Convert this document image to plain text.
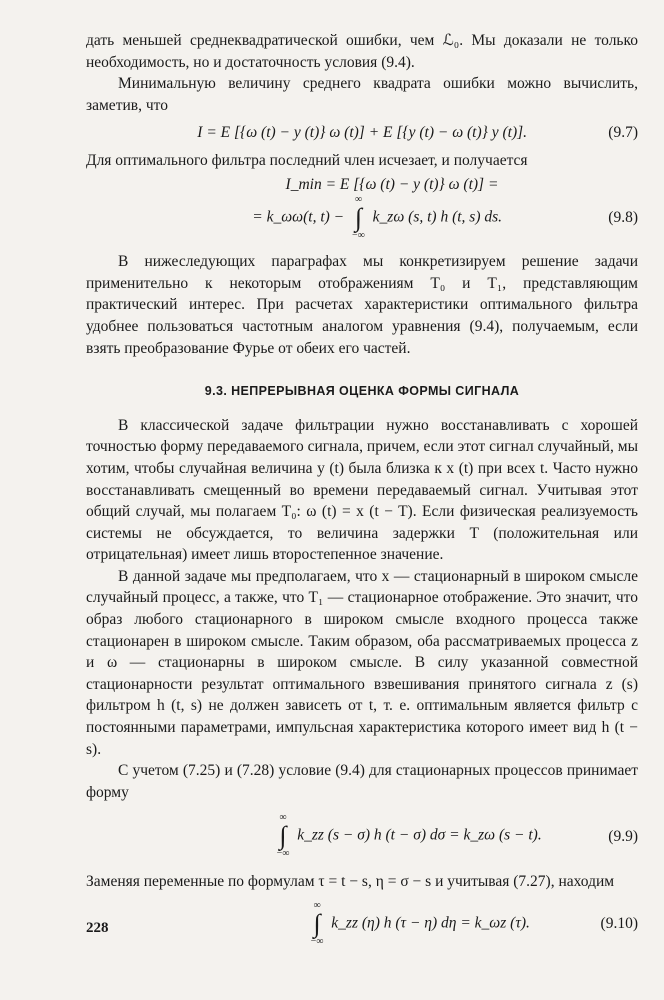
дать меньшей среднеквадратической ошибки, чем ℒ₀. Мы доказали не только необходимость, но и достаточность условия (9.4).

Минимальную величину среднего квадрата ошибки можно вычислить, заметив, что

I = E [{ω (t) − y (t)} ω (t)] + E [{y (t) − ω (t)} y (t)].	(9.7)

Для оптимального фильтра последний член исчезает, и получается

I_min = E [{ω (t) − y (t)} ω (t)] =
= k_ωω(t, t) −
∞
∫
−∞
k_zω (s, t) h (t, s) ds.	(9.8)

В нижеследующих параграфах мы конкретизируем решение задачи применительно к некоторым отображениям T₀ и T₁, представляющим практический интерес. При расчетах характеристики оптимального фильтра удобнее пользоваться частотным аналогом уравнения (9.4), получаемым, если взять преобразование Фурье от обеих его частей.

9.3. НЕПРЕРЫВНАЯ ОЦЕНКА ФОРМЫ СИГНАЛА

В классической задаче фильтрации нужно восстанавливать с хорошей точностью форму передаваемого сигнала, причем, если этот сигнал случайный, мы хотим, чтобы случайная величина y (t) была близка к x (t) при всех t. Часто нужно восстанавливать смещенный во времени передаваемый сигнал. Учитывая этот общий случай, мы полагаем T₀: ω (t) = x (t − T). Если физическая реализуемость системы не обсуждается, то величина задержки T (положительная или отрицательная) имеет лишь второстепенное значение.

В данной задаче мы предполагаем, что x — стационарный в широком смысле случайный процесс, а также, что T₁ — стационарное отображение. Это значит, что образ любого стационарного в широком смысле входного процесса также стационарен в широком смысле. Таким образом, оба рассматриваемых процесса z и ω — стационарны в широком смысле. В силу указанной совместной стационарности результат оптимального взвешивания принятого сигнала z (s) фильтром h (t, s) не должен зависеть от t, т. е. оптимальным является фильтр с постоянными параметрами, импульсная характеристика которого имеет вид h (t − s).

С учетом (7.25) и (7.28) условие (9.4) для стационарных процессов принимает форму

∞
∫
−∞
k_zz (s − σ) h (t − σ) dσ = k_zω (s − t).	(9.9)

Заменяя переменные по формулам τ = t − s, η = σ − s и учитывая (7.27), находим

∞
∫
−∞
k_zz (η) h (τ − η) dη = k_ωz (τ).	(9.10)
228
